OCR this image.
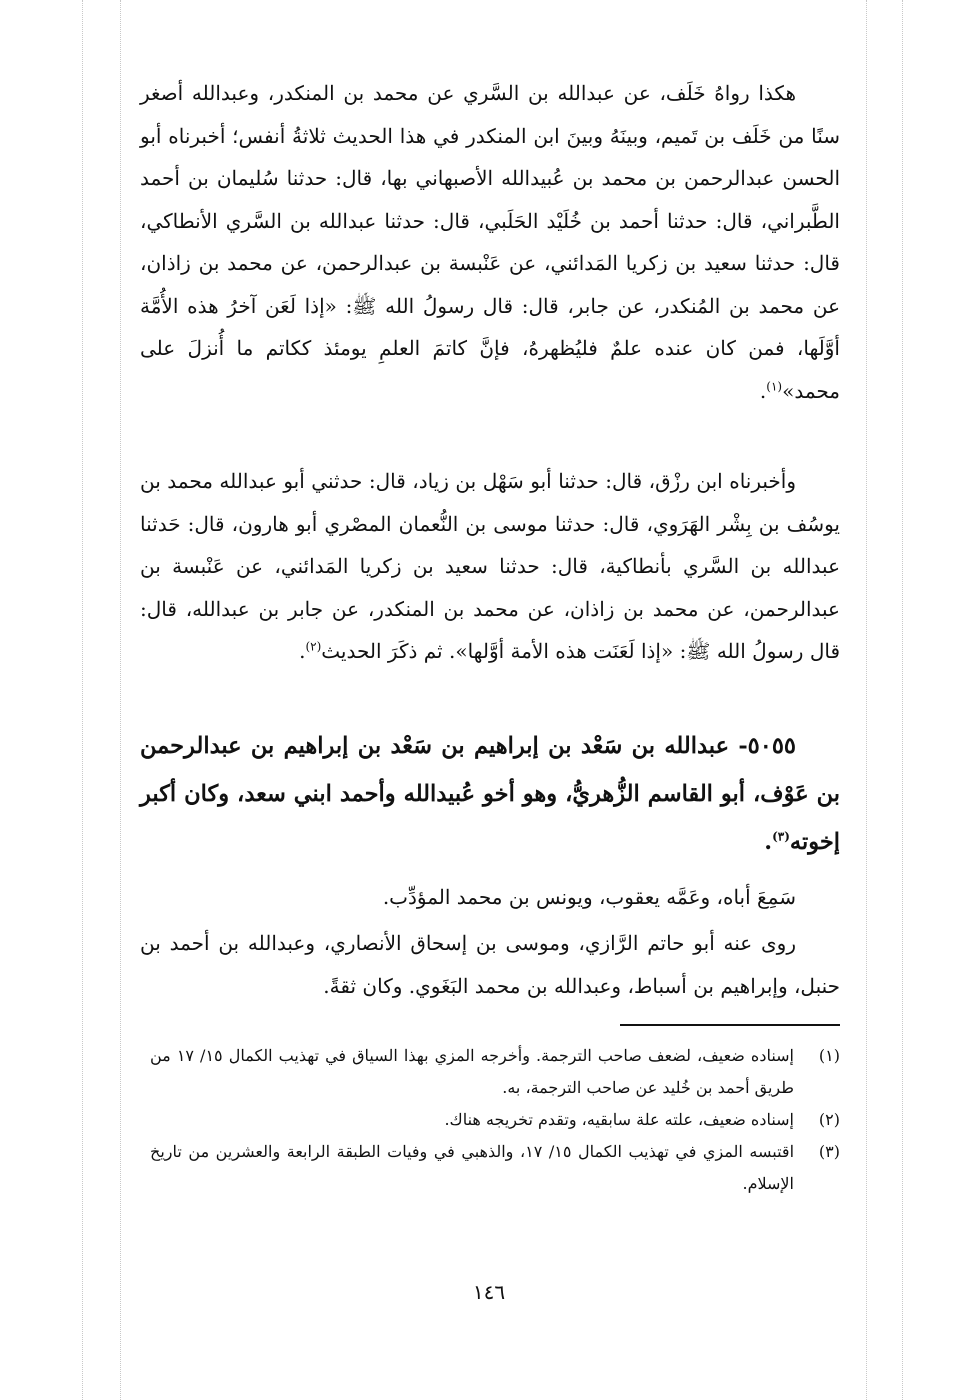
هكذا رواهُ خَلَف، عن عبدالله بن السَّري عن محمد بن المنكدر، وعبدالله أصغر سنًا من خَلَف بن تَميم، وبينَهُ وبينَ ابن المنكدر في هذا الحديث ثلاثةُ أنفس؛ أخبرناه أبو الحسن عبدالرحمن بن محمد بن عُبيدالله الأصبهاني بها، قال: حدثنا سُليمان بن أحمد الطَّبراني، قال: حدثنا أحمد بن خُلَيْد الحَلَبي، قال: حدثنا عبدالله بن السَّري الأنطاكي، قال: حدثنا سعيد بن زكريا المَدائني، عن عَنْبسة بن عبدالرحمن، عن محمد بن زاذان، عن محمد بن المُنكدر، عن جابر، قال: قال رسولُ الله ﷺ: «إذا لَعَن آخرُ هذه الأُمَّة أوَّلَها، فمن كان عنده علمٌ فليُظهرهُ، فإنَّ كاتمَ العلمِ يومئذ ككاتم ما أُنزلَ على محمد»$^{(١)}$.

وأخبرناه ابن رزْق، قال: حدثنا أبو سَهْل بن زياد، قال: حدثني أبو عبدالله محمد بن يوسُف بن بِشْر الهَرَوي، قال: حدثنا موسى بن النُّعمان المصْري أبو هارون، قال: حَدثنا عبدالله بن السَّري بأنطاكية، قال: حدثنا سعيد بن زكريا المَدائني، عن عَنْبسة بن عبدالرحمن، عن محمد بن زاذان، عن محمد بن المنكدر، عن جابر بن عبدالله، قال: قال رسولُ الله ﷺ: «إذا لَعَنَت هذه الأمة أوَّلها». ثم ذكَرَ الحديث$^{(٢)}$.

٥٠٥٥- عبدالله بن سَعْد بن إبراهيم بن سَعْد بن إبراهيم بن عبدالرحمن بن عَوْف، أبو القاسم الزُّهريُّ، وهو أخو عُبيدالله وأحمد ابني سعد، وكان أكبر إخوته$^{(٣)}$.

سَمِعَ أباه، وعَمَّه يعقوب، ويونس بن محمد المؤدِّب.

روى عنه أبو حاتم الرَّازي، وموسى بن إسحاق الأنصاري، وعبدالله بن أحمد بن حنبل، وإبراهيم بن أسباط، وعبدالله بن محمد البَغَوي. وكان ثقةً.

(١)
إسناده ضعيف، لضعف صاحب الترجمة. وأخرجه المزي بهذا السياق في تهذيب الكمال ١٥/ ١٧ من طريق أحمد بن خُليد عن صاحب الترجمة، به.
(٢)
إسناده ضعيف، علته علة سابقيه، وتقدم تخريجه هناك.
(٣)
اقتبسه المزي في تهذيب الكمال ١٥/ ١٧، والذهبي في وفيات الطبقة الرابعة والعشرين من تاريخ الإسلام.
١٤٦
